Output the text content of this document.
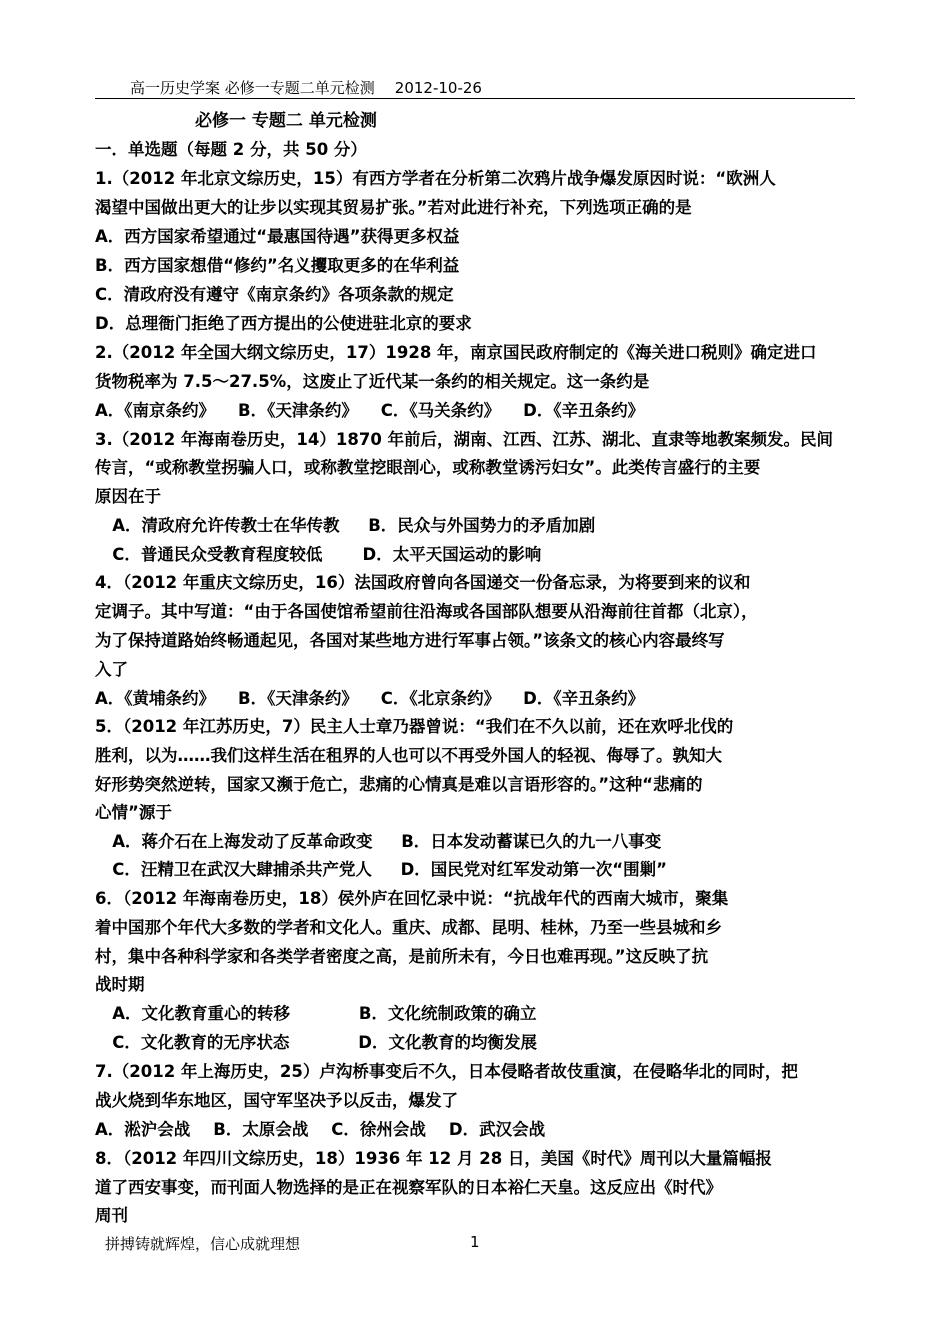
高一历史学案 必修一专题二单元检测 2012-10-26
必修一 专题二 单元检测
一．单选题（每题 2 分，共 50 分）
1.（2012 年北京文综历史，15）有西方学者在分析第二次鸦片战争爆发原因时说：“欧洲人
渴望中国做出更大的让步以实现其贸易扩张。”若对此进行补充，下列选项正确的是
A．西方国家希望通过“最惠国待遇”获得更多权益
B．西方国家想借“修约”名义攫取更多的在华利益
C．清政府没有遵守《南京条约》各项条款的规定
D．总理衙门拒绝了西方提出的公使进驻北京的要求
2.（2012 年全国大纲文综历史，17）1928 年，南京国民政府制定的《海关进口税则》确定进口
货物税率为 7.5～27.5%，这废止了近代某一条约的相关规定。这一条约是
A．《南京条约》    B．《天津条约》    C．《马关条约》    D．《辛丑条约》
3.（2012 年海南卷历史，14）1870 年前后，湖南、江西、江苏、湖北、直隶等地教案频发。民间
传言，“或称教堂拐骗人口，或称教堂挖眼剖心，或称教堂诱污妇女”。此类传言盛行的主要
原因在于
A．清政府允许传教士在华传教     B．民众与外国势力的矛盾加剧
C．普通民众受教育程度较低       D．太平天国运动的影响
4．（2012 年重庆文综历史，16）法国政府曾向各国递交一份备忘录，为将要到来的议和
定调子。其中写道：“由于各国使馆希望前往沿海或各国部队想要从沿海前往首都（北京），
为了保持道路始终畅通起见，各国对某些地方进行军事占领。”该条文的核心内容最终写
入了
A．《黄埔条约》    B．《天津条约》    C．《北京条约》    D．《辛丑条约》
5．（2012 年江苏历史，7）民主人士章乃器曾说：“我们在不久以前，还在欢呼北伐的
胜利，以为……我们这样生活在租界的人也可以不再受外国人的轻视、侮辱了。孰知大
好形势突然逆转，国家又濒于危亡，悲痛的心情真是难以言语形容的。”这种“悲痛的
心情”源于
A．蒋介石在上海发动了反革命政变     B．日本发动蓄谋已久的九一八事变
C．汪精卫在武汉大肆捕杀共产党人     D．国民党对红军发动第一次“围剿”
6．（2012 年海南卷历史，18）侯外庐在回忆录中说：“抗战年代的西南大城市，聚集
着中国那个年代大多数的学者和文化人。重庆、成都、昆明、桂林，乃至一些县城和乡
村，集中各种科学家和各类学者密度之高，是前所未有，今日也难再现。”这反映了抗
战时期
A．文化教育重心的转移            B．文化统制政策的确立
C．文化教育的无序状态            D．文化教育的均衡发展
7.（2012 年上海历史，25）卢沟桥事变后不久，日本侵略者故伎重演，在侵略华北的同时，把
战火烧到华东地区，国守军坚决予以反击，爆发了
A．淞沪会战    B．太原会战    C．徐州会战    D．武汉会战
8．（2012 年四川文综历史，18）1936 年 12 月 28 日，美国《时代》周刊以大量篇幅报
道了西安事变，而刊面人物选择的是正在视察军队的日本裕仁天皇。这反应出《时代》
周刊
拼搏铸就辉煌，信心成就理想	1
